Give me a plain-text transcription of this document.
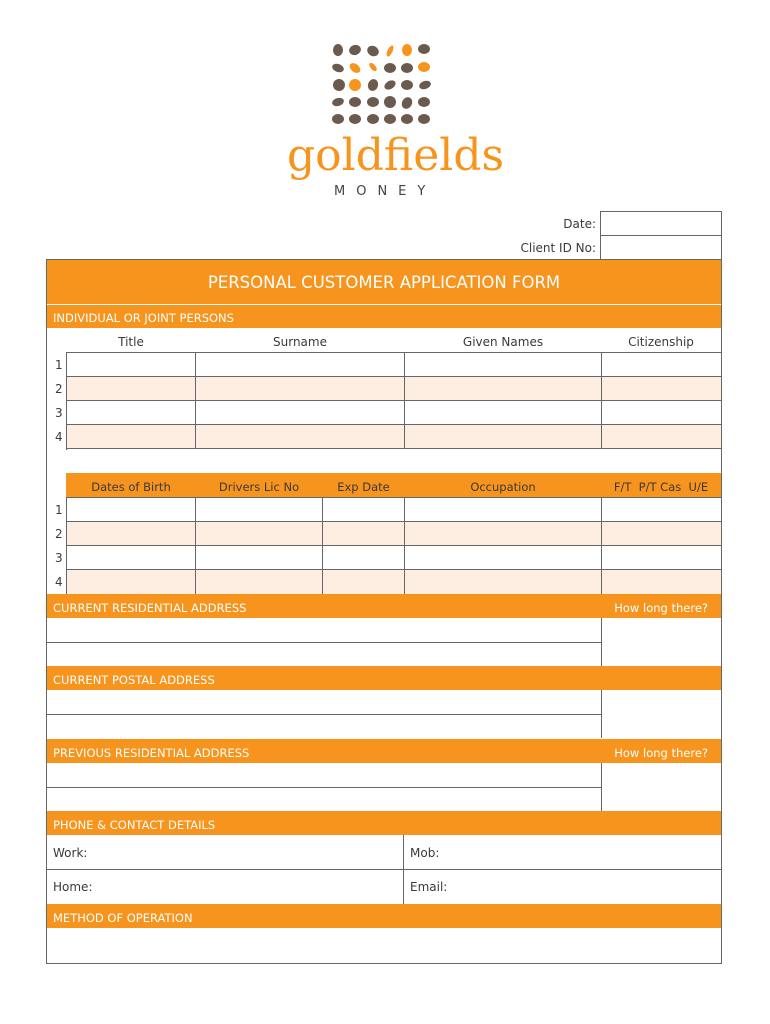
goldfields
MONEY
Date:
Client ID No:
PERSONAL CUSTOMER APPLICATION FORM
INDIVIDUAL OR JOINT PERSONS
Title	Surname	Given Names	Citizenship
1
2
3
4
Dates of Birth	Drivers Lic No	Exp Date	Occupation	F/T  P/T Cas  U/E
1
2
3
4
CURRENT RESIDENTIAL ADDRESS	How long there?
CURRENT POSTAL ADDRESS
PREVIOUS RESIDENTIAL ADDRESS	How long there?
PHONE & CONTACT DETAILS
Work:	Mob:
Home:	Email:
METHOD OF OPERATION
